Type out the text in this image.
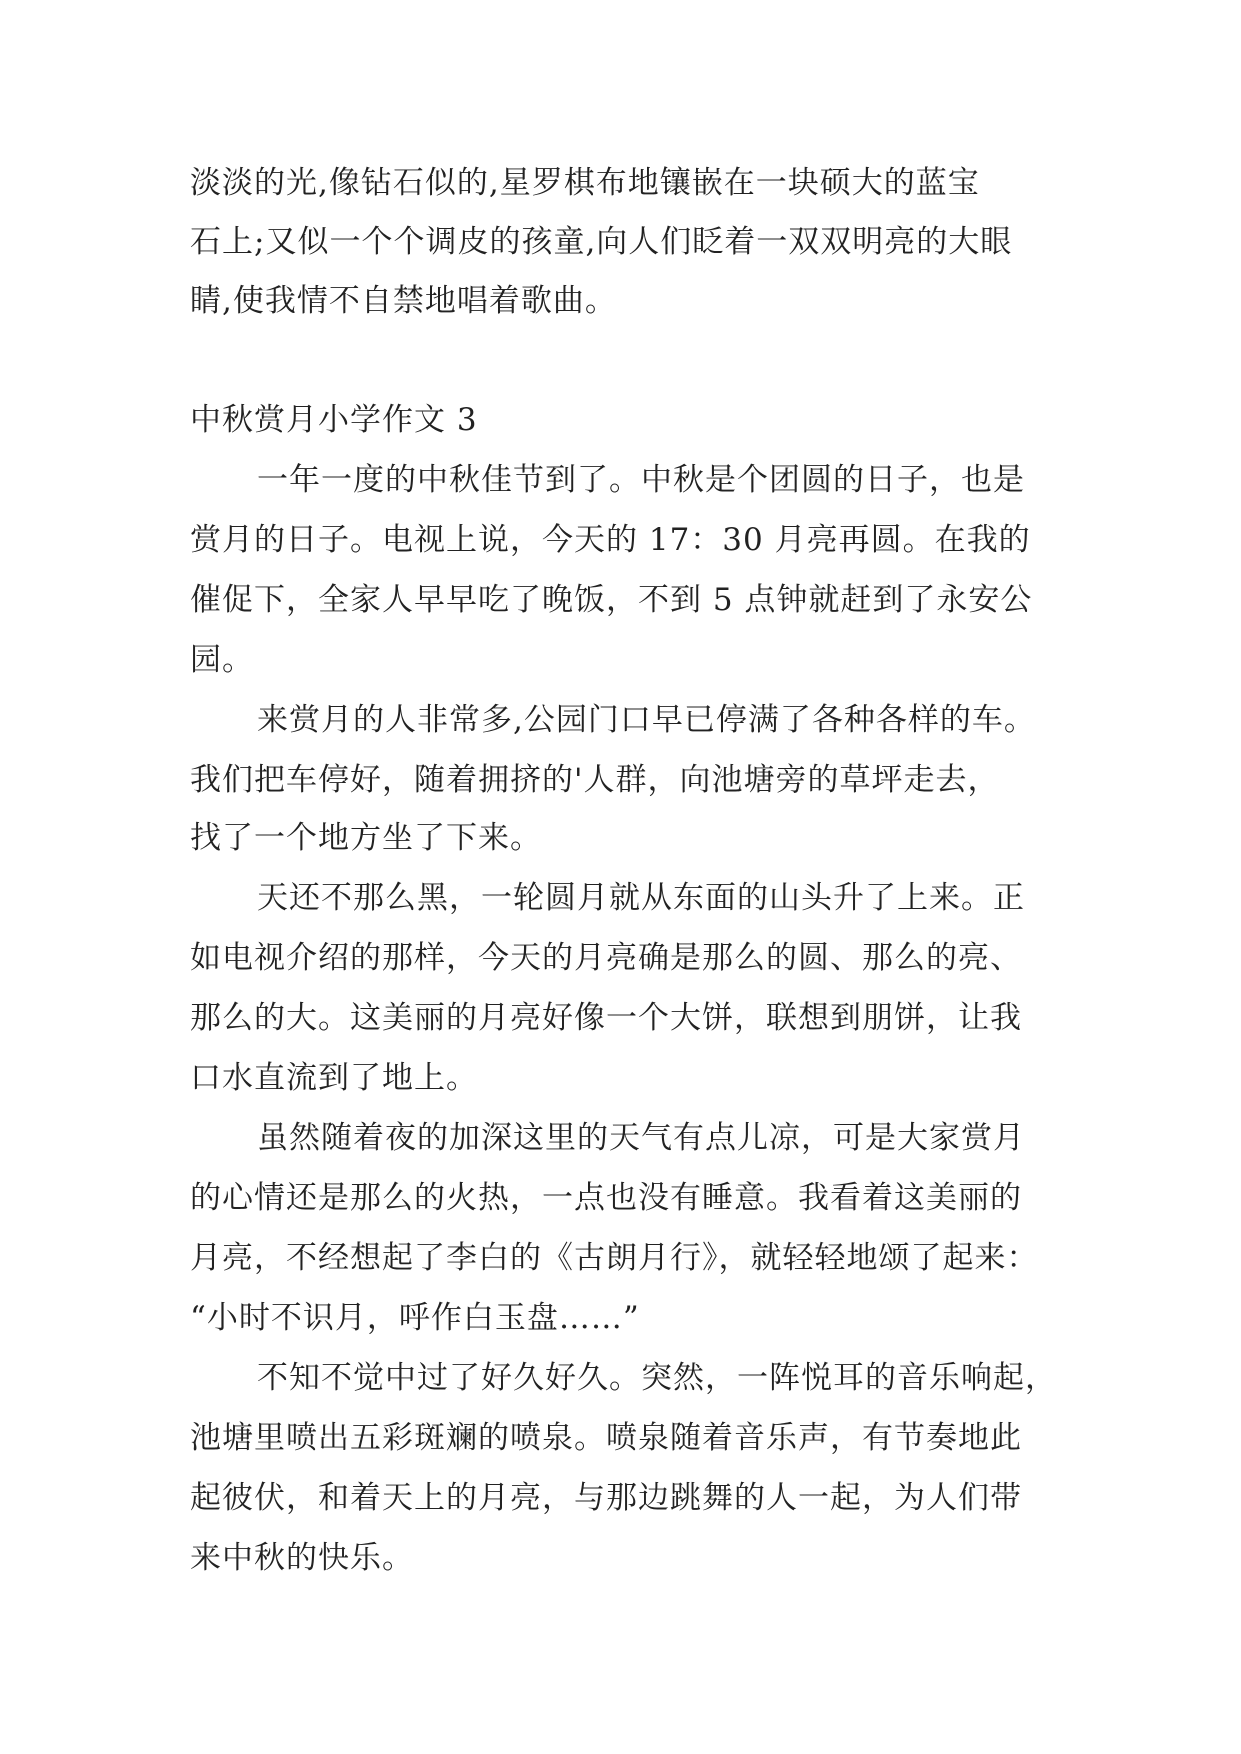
淡淡的光,像钻石似的,星罗棋布地镶嵌在一块硕大的蓝宝
石上;又似一个个调皮的孩童,向人们眨着一双双明亮的大眼
睛,使我情不自禁地唱着歌曲。
中秋赏月小学作文 3
一年一度的中秋佳节到了。中秋是个团圆的日子，也是
赏月的日子。电视上说，今天的 17：30 月亮再圆。在我的
催促下，全家人早早吃了晚饭，不到 5 点钟就赶到了永安公
园。
来赏月的人非常多,公园门口早已停满了各种各样的车。
我们把车停好，随着拥挤的'人群，向池塘旁的草坪走去，
找了一个地方坐了下来。
天还不那么黑，一轮圆月就从东面的山头升了上来。正
如电视介绍的那样，今天的月亮确是那么的圆、那么的亮、
那么的大。这美丽的月亮好像一个大饼，联想到朋饼，让我
口水直流到了地上。
虽然随着夜的加深这里的天气有点儿凉，可是大家赏月
的心情还是那么的火热，一点也没有睡意。我看着这美丽的
月亮，不经想起了李白的《古朗月行》，就轻轻地颂了起来：
“小时不识月，呼作白玉盘……”
不知不觉中过了好久好久。突然，一阵悦耳的音乐响起，
池塘里喷出五彩斑斓的喷泉。喷泉随着音乐声，有节奏地此
起彼伏，和着天上的月亮，与那边跳舞的人一起，为人们带
来中秋的快乐。
